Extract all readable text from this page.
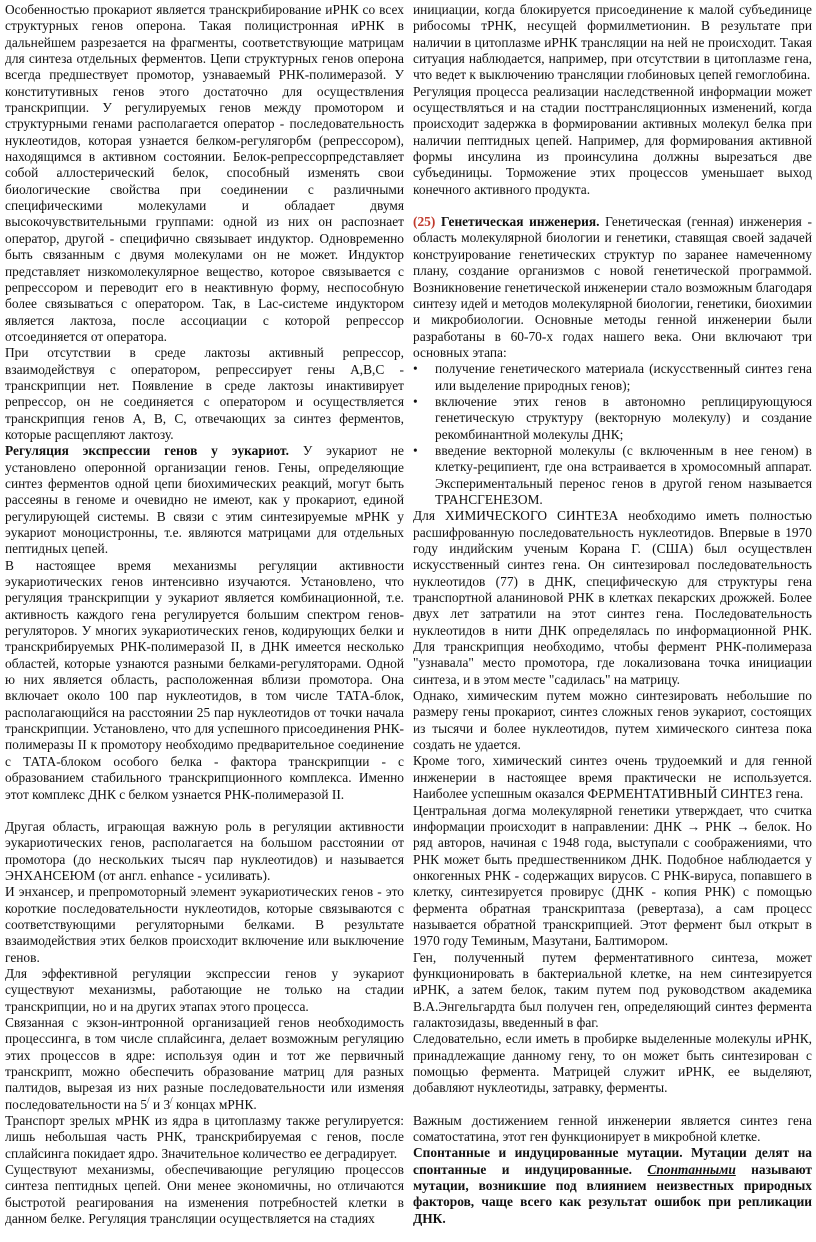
Особенностью прокариот является транскрибирование иРНК со всех структурных генов оперона. Такая полицистронная иРНК в дальнейшем разрезается на фрагменты, соответствующие матрицам для синтеза отдельных ферментов. Цепи структурных генов оперона всегда предшествует промотор, узнаваемый РНК-полимеразой. У конститутивных генов этого достаточно для осуществления транскрипции. У регулируемых генов между промотором и структурными генами располагается оператор - последовательность нуклеотидов, которая узнается белком-регулягорбм (репрессором), находящимся в активном состоянии. Белок-репрессорпредставляет собой аллостерический белок, способный изменять свои биологические свойства при соединении с различными специфическими молекулами и обладает двумя высокочувствительными группами: одной из них он распознает оператор, другой - специфично связывает индуктор. Одновременно быть связанным с двумя молекулами он не может. Индуктор представляет низкомолекулярное вещество, которое связывается с репрессором и переводит его в неактивную форму, неспособную более связываться с оператором. Так, в Lac-системе индуктором является лактоза, после ассоциации с которой репрессор отсоединяется от оператора.

При отсутствии в среде лактозы активный репрессор, взаимодействуя с оператором, репрессирует гены А,В,С - транскрипции нет. Появление в среде лактозы инактивирует репрессор, он не соединяется с оператором и осуществляется транскрипция генов А, В, С, отвечающих за синтез ферментов, которые расщепляют лактозу.

Регуляция экспрессии генов у эукариот. У эукариот не установлено оперонной организации генов. Гены, определяющие синтез ферментов одной цепи биохимических реакций, могут быть рассеяны в геноме и очевидно не имеют, как у прокариот, единой регулирующей системы. В связи с этим синтезируемые мРНК у эукариот моноцистронны, т.е. являются матрицами для отдельных пептидных цепей.

В настоящее время механизмы регуляции активности эукариотических генов интенсивно изучаются. Установлено, что регуляция транскрипции у эукариот является комбинационной, т.е. активность каждого гена регулируется большим спектром генов-регуляторов. У многих эукариотических генов, кодирующих белки и транскрибируемых РНК-полимеразой II, в ДНК имеется несколько областей, которые узнаются разными белками-регуляторами. Одной ю них является область, расположенная вблизи промотора. Она включает около 100 пар нуклеотидов, в том числе ТАТА-блок, располагающийся на расстоянии 25 пар нуклеотидов от точки начала транскрипции. Установлено, что для успешного присоединения РНК-полимеразы II к промотору необходимо предварительное соединение с ТАТА-блоком особого белка - фактора транскрипции - с образованием стабильного транскрипционного комплекса. Именно этот комплекс ДНК с белком узнается РНК-полимеразой II.

Другая область, играющая важную роль в регуляции активности эукариотических генов, располагается на большом расстоянии от промотора (до нескольких тысяч пар нуклеотидов) и называется ЭНХАНСЕЮМ (от англ. enhance - усиливать).

И энхансер, и препромоторный элемент эукариотических генов - это короткие последовательности нуклеотидов, которые связываются с соответствующими регуляторными белками. В результате взаимодействия этих белков происходит включение или выключение генов.

Для эффективной регуляции экспрессии генов у эукариот существуют механизмы, работающие не только на стадии транскрипции, но и на других этапах этого процесса.

Связанная с экзон-интронной организацией генов необходимость процессинга, в том числе сплайсинга, делает возможным регуляцию этих процессов в ядре: используя один и тот же первичный транскрипт, можно обеспечить образование матриц для разных палтидов, вырезая из них разные последовательности или изменяя последовательности на 5/ и 3/ концах мРНК.

Транспорт зрелых мРНК из ядра в цитоплазму также регулируется: лишь небольшая часть РНК, транскрибируемая с генов, после сплайсинга покидает ядро. Значительное количество ее деградирует.

Существуют механизмы, обеспечивающие регуляцию процессов синтеза пептидных цепей. Они менее экономичны, но отличаются быстротой реагирования на изменения потребностей клетки в данном белке. Регуляция трансляции осуществляется на стадиях

инициации, когда блокируется присоединение к малой субъединице рибосомы тРНК, несущей формилметионин. В результате при наличии в цитоплазме иРНК трансляции на ней не происходит. Такая ситуация наблюдается, например, при отсутствии в цитоплазме гена, что ведет к выключению трансляции глобиновых цепей гемоглобина.

Регуляция процесса реализации наследственной информации может осуществляться и на стадии посттрансляционных изменений, когда происходит задержка в формировании активных молекул белка при наличии пептидных цепей. Например, для формирования активной формы инсулина из проинсулина должны вырезаться две субъединицы. Торможение этих процессов уменьшает выход конечного активного продукта.

(25) Генетическая инженерия. Генетическая (генная) инженерия - область молекулярной биологии и генетики, ставящая своей задачей конструирование генетических структур по заранее намеченному плану, создание организмов с новой генетической программой. Возникновение генетической инженерии стало возможным благодаря синтезу идей и методов молекулярной биологии, генетики, биохимии и микробиологии. Основные методы генной инженерии были разработаны в 60-70-х годах нашего века. Они включают три основных этапа:

•	получение генетического материала (искусственный синтез гена или выделение природных генов);
•	включение этих генов в автономно реплицирующуюся генетическую структуру (векторную молекулу) и создание рекомбинантной молекулы ДНК;
•	введение векторной молекулы (с включенным в нее геном) в клетку-реципиент, где она встраивается в хромосомный аппарат. Экспериментальный перенос генов в другой геном называется ТРАНСГЕНЕЗОМ.

Для ХИМИЧЕСКОГО СИНТЕЗА необходимо иметь полностью расшифрованную последовательность нуклеотидов. Впервые в 1970 году индийским ученым Корана Г. (США) был осуществлен искусственный синтез гена. Он синтезировал последовательность нуклеотидов (77) в ДНК, специфическую для структуры гена транспортной аланиновой РНК в клетках пекарских дрожжей. Более двух лет затратили на этот синтез гена. Последовательность нуклеотидов в нити ДНК определялась по информационной РНК. Для транскрипция необходимо, чтобы фермент РНК-полимераза "узнавала" место промотора, где локализована точка инициации синтеза, и в этом месте "садилась" на матрицу.

Однако, химическим путем можно синтезировать небольшие по размеру гены прокариот, синтез сложных генов эукариот, состоящих из тысячи и более нуклеотидов, путем химического синтеза пока создать не удается.

Кроме того, химический синтез очень трудоемкий и для генной инженерии в настоящее время практически не используется. Наиболее успешным оказался ФЕРМЕНТАТИВНЫЙ СИНТЕЗ гена.

Центральная догма молекулярной генетики утверждает, что считка информации происходит в направлении: ДНК → РНК → белок. Но ряд авторов, начиная с 1948 года, выступали с соображениями, что РНК может быть предшественником ДНК. Подобное наблюдается у онкогенных РНК - содержащих вирусов. С РНК-вируса, попавшего в клетку, синтезируется провирус (ДНК - копия РНК) с помощью фермента обратная транскриптаза (ревертаза), а сам процесс называется обратной транскрипцией. Этот фермент был открыт в 1970 году Теминым, Мазутани, Балтимором.

Ген, полученный путем ферментативного синтеза, может функционировать в бактериальной клетке, на нем синтезируется иРНК, а затем белок, таким путем под руководством академика В.А.Энгельгардта был получен ген, определяющий синтез фермента галактозидазы, введенный в фаг.

Следовательно, если иметь в пробирке выделенные молекулы иРНК, принадлежащие данному гену, то он может быть синтезирован с помощью фермента. Матрицей служит иРНК, ее выделяют, добавляют нуклеотиды, затравку, ферменты.

Важным достижением генной инженерии является синтез гена соматостатина, этот ген функционирует в микробной клетке.

Спонтанные и индуцированные мутации. Мутации делят на спонтанные и индуцированные. Спонтанными называют мутации, возникшие под влиянием неизвестных природных факторов, чаще всего как результат ошибок при репликации ДНК.
